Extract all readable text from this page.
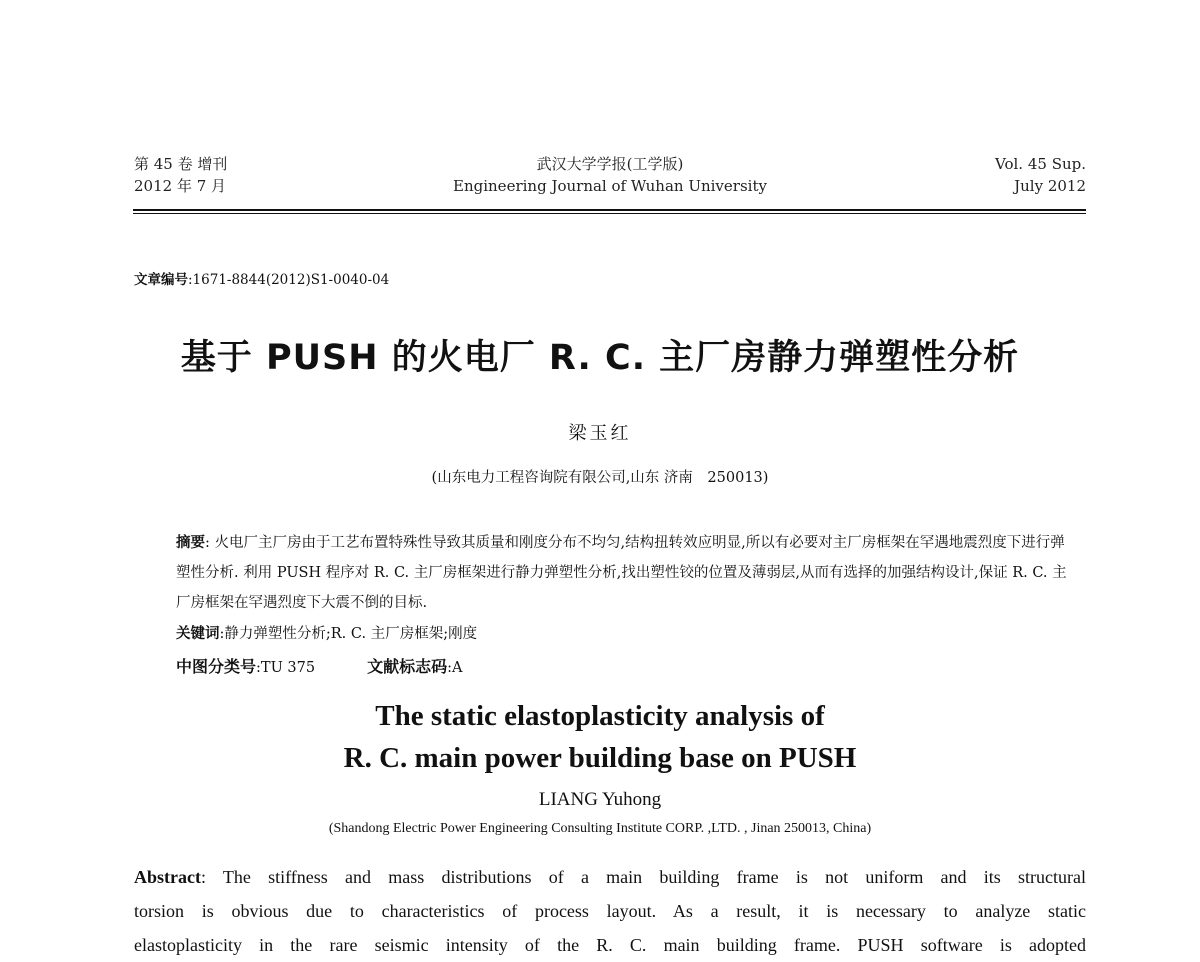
第 45 卷 增刊
2012 年 7 月
武汉大学学报(工学版)
Engineering Journal of Wuhan University
Vol. 45 Sup.
July 2012
文章编号:1671-8844(2012)S1-0040-04
基于 PUSH 的火电厂 R. C. 主厂房静力弹塑性分析
梁玉红
(山东电力工程咨询院有限公司,山东 济南　250013)
摘要: 火电厂主厂房由于工艺布置特殊性导致其质量和刚度分布不均匀,结构扭转效应明显,所以有必要对主厂房框架在罕遇地震烈度下进行弹塑性分析. 利用 PUSH 程序对 R. C. 主厂房框架进行静力弹塑性分析,找出塑性铰的位置及薄弱层,从而有选择的加强结构设计,保证 R. C. 主厂房框架在罕遇烈度下大震不倒的目标.
关键词:静力弹塑性分析;R. C. 主厂房框架;刚度
中图分类号:TU 375	文献标志码:A
The static elastoplasticity analysis of
R. C. main power building base on PUSH
LIANG Yuhong
(Shandong Electric Power Engineering Consulting Institute CORP. ,LTD. , Jinan 250013, China)
Abstract: The stiffness and mass distributions of a main building frame is not uniform and its structural
torsion is obvious due to characteristics of process layout. As a result, it is necessary to analyze static
elastoplasticity in the rare seismic intensity of the R. C. main building frame. PUSH software is adopted
